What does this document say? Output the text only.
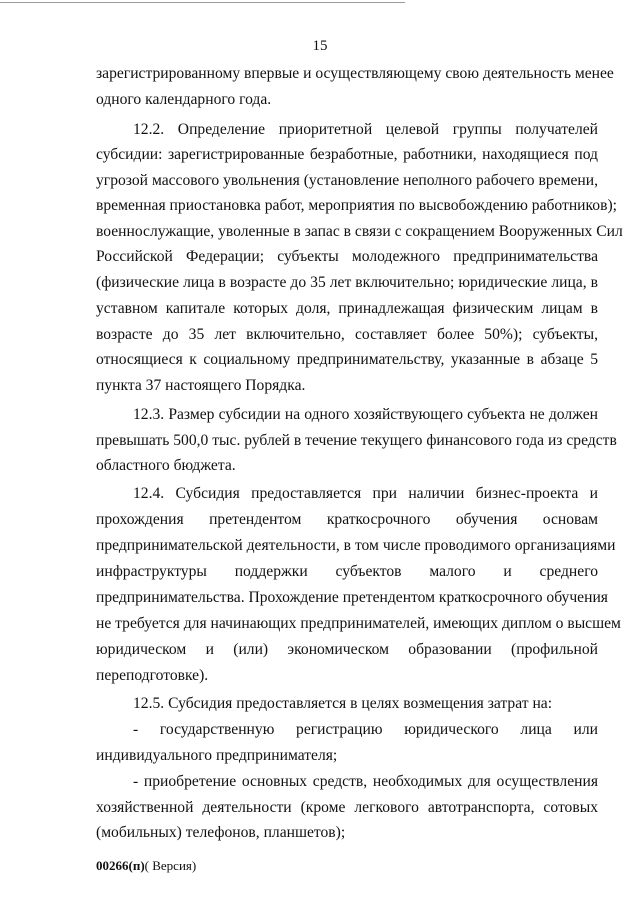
15
зарегистрированному впервые и осуществляющему свою деятельность менее
одного календарного года.
12.2. Определение приоритетной целевой группы получателей
субсидии: зарегистрированные безработные, работники, находящиеся под
угрозой массового увольнения (установление неполного рабочего времени,
временная приостановка работ, мероприятия по высвобождению работников);
военнослужащие, уволенные в запас в связи с сокращением Вооруженных Сил
Российской Федерации; субъекты молодежного предпринимательства
(физические лица в возрасте до 35 лет включительно; юридические лица, в
уставном капитале которых доля, принадлежащая физическим лицам в
возрасте до 35 лет включительно, составляет более 50%); субъекты,
относящиеся к социальному предпринимательству, указанные в абзаце 5
пункта 37 настоящего Порядка.
12.3. Размер субсидии на одного хозяйствующего субъекта не должен
превышать 500,0 тыс. рублей в течение текущего финансового года из средств
областного бюджета.
12.4. Субсидия предоставляется при наличии бизнес-проекта и
прохождения претендентом краткосрочного обучения основам
предпринимательской деятельности, в том числе проводимого организациями
инфраструктуры поддержки субъектов малого и среднего
предпринимательства. Прохождение претендентом краткосрочного обучения
не требуется для начинающих предпринимателей, имеющих диплом о высшем
юридическом и (или) экономическом образовании (профильной
переподготовке).
12.5. Субсидия предоставляется в целях возмещения затрат на:
- государственную регистрацию юридического лица или
индивидуального предпринимателя;
- приобретение основных средств, необходимых для осуществления
хозяйственной деятельности (кроме легкового автотранспорта, сотовых
(мобильных) телефонов, планшетов);
00266(п)( Версия)
